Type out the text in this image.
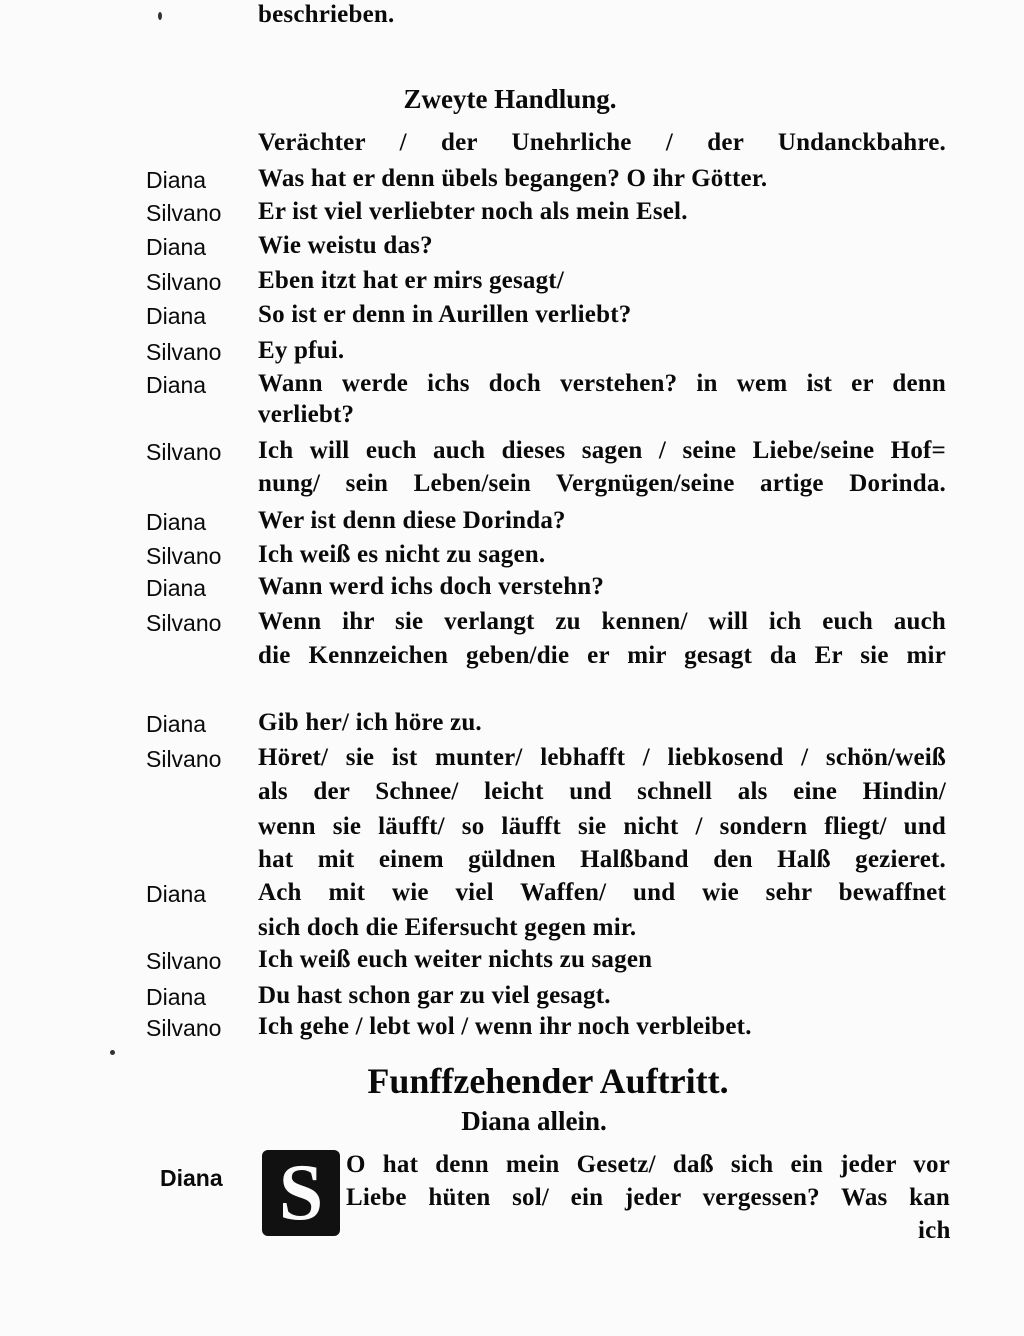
Zweyte Handlung.
Verächter / der Unehrliche / der Undanckbahre.
Diana Was hat er denn übels begangen? O ihr Götter.
Silvano Er ist viel verliebter noch als mein Esel.
Diana Wie weistu das?
Silvano Eben itzt hat er mirs gesagt/
Diana So ist er denn in Aurillen verliebt?
Silvano Ey pfui.
Diana Wann werde ichs doch verstehen? in wem ist er denn
verliebt?
Silvano Ich will euch auch dieses sagen / seine Liebe/seine Hof=
nung/ sein Leben/sein Vergnügen/seine artige Dorinda.
Diana Wer ist denn diese Dorinda?
Silvano Ich weiß es nicht zu sagen.
Diana Wann werd ichs doch verstehn?
Silvano Wenn ihr sie verlangt zu kennen/ will ich euch auch
die Kennzeichen geben/die er mir gesagt da Er sie mir
beschrieben.
Diana Gib her/ ich höre zu.
Silvano Höret/ sie ist munter/ lebhafft / liebkosend / schön/weiß
als der Schnee/ leicht und schnell als eine Hindin/
wenn sie läufft/ so läufft sie nicht / sondern fliegt/ und
hat mit einem güldnen Halßband den Halß gezieret.
Diana Ach mit wie viel Waffen/ und wie sehr bewaffnet
sich doch die Eifersucht gegen mir.
Silvano Ich weiß euch weiter nichts zu sagen
Diana Du hast schon gar zu viel gesagt.
Silvano Ich gehe / lebt wol / wenn ihr noch verbleibet.
Funffzehender Auftritt.
Diana allein.
Diana S O hat denn mein Gesetz/ daß sich ein jeder vor
Liebe hüten sol/ ein jeder vergessen? Was kan
ich
